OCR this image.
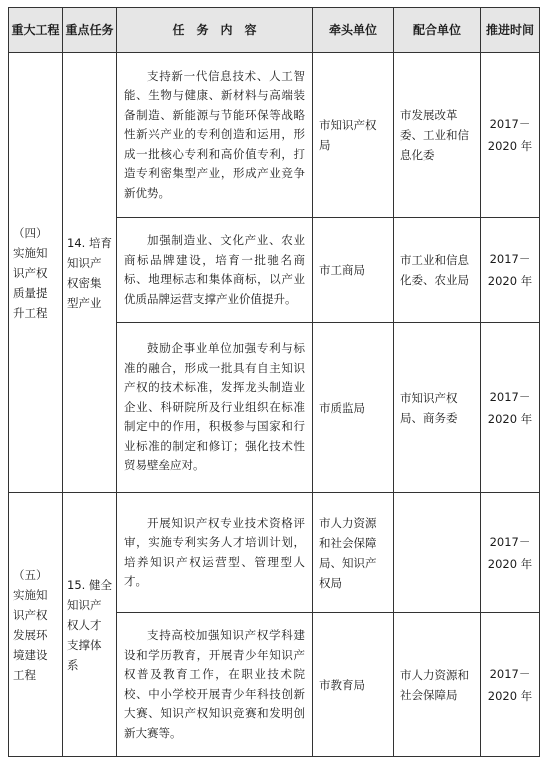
重大工程	重点任务	任　务　内　容	牵头单位	配合单位	推进时间
（四）实施知识产权质量提升工程	14. 培育知识产权密集型产业	支持新一代信息技术、人工智能、生物与健康、新材料与高端装备制造、新能源与节能环保等战略性新兴产业的专利创造和运用，形成一批核心专利和高价值专利，打造专利密集型产业，形成产业竞争新优势。	市知识产权局	市发展改革委、工业和信息化委	2017－2020 年

		加强制造业、文化产业、农业商标品牌建设，培育一批驰名商标、地理标志和集体商标，以产业优质品牌运营支撑产业价值提升。	市工商局	市工业和信息化委、农业局	2017－2020 年

		鼓励企事业单位加强专利与标准的融合，形成一批具有自主知识产权的技术标准，发挥龙头制造业企业、科研院所及行业组织在标准制定中的作用，积极参与国家和行业标准的制定和修订；强化技术性贸易壁垒应对。	市质监局	市知识产权局、商务委	2017－2020 年
（五）实施知识产权发展环境建设工程	15. 健全知识产权人才支撑体系	开展知识产权专业技术资格评审，实施专利实务人才培训计划，培养知识产权运营型、管理型人才。	市人力资源和社会保障局、知识产权局		2017－2020 年

		支持高校加强知识产权学科建设和学历教育，开展青少年知识产权普及教育工作，在职业技术院校、中小学校开展青少年科技创新大赛、知识产权知识竞赛和发明创新大赛等。	市教育局	市人力资源和社会保障局	2017－2020 年
